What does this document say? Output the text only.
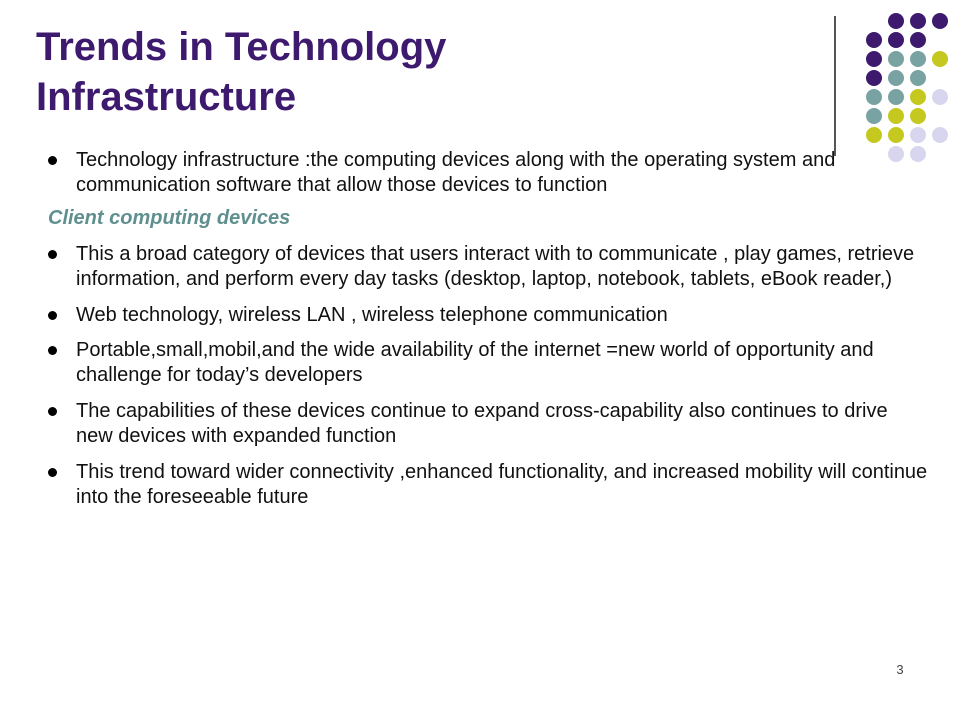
Trends in Technology
Infrastructure
Technology infrastructure :the computing devices along with the operating system and communication software that allow those devices to function
Client computing devices
This a broad category of devices that users interact with to communicate , play games, retrieve information, and perform every day tasks (desktop, laptop, notebook, tablets, eBook reader,)
Web technology, wireless LAN , wireless telephone communication
Portable,small,mobil,and the wide availability of the internet =new world of opportunity and challenge for today’s developers
The capabilities of these devices continue to expand cross-capability also continues to drive new devices with expanded function
This trend toward wider connectivity ,enhanced functionality, and increased mobility will continue into the foreseeable future
3
